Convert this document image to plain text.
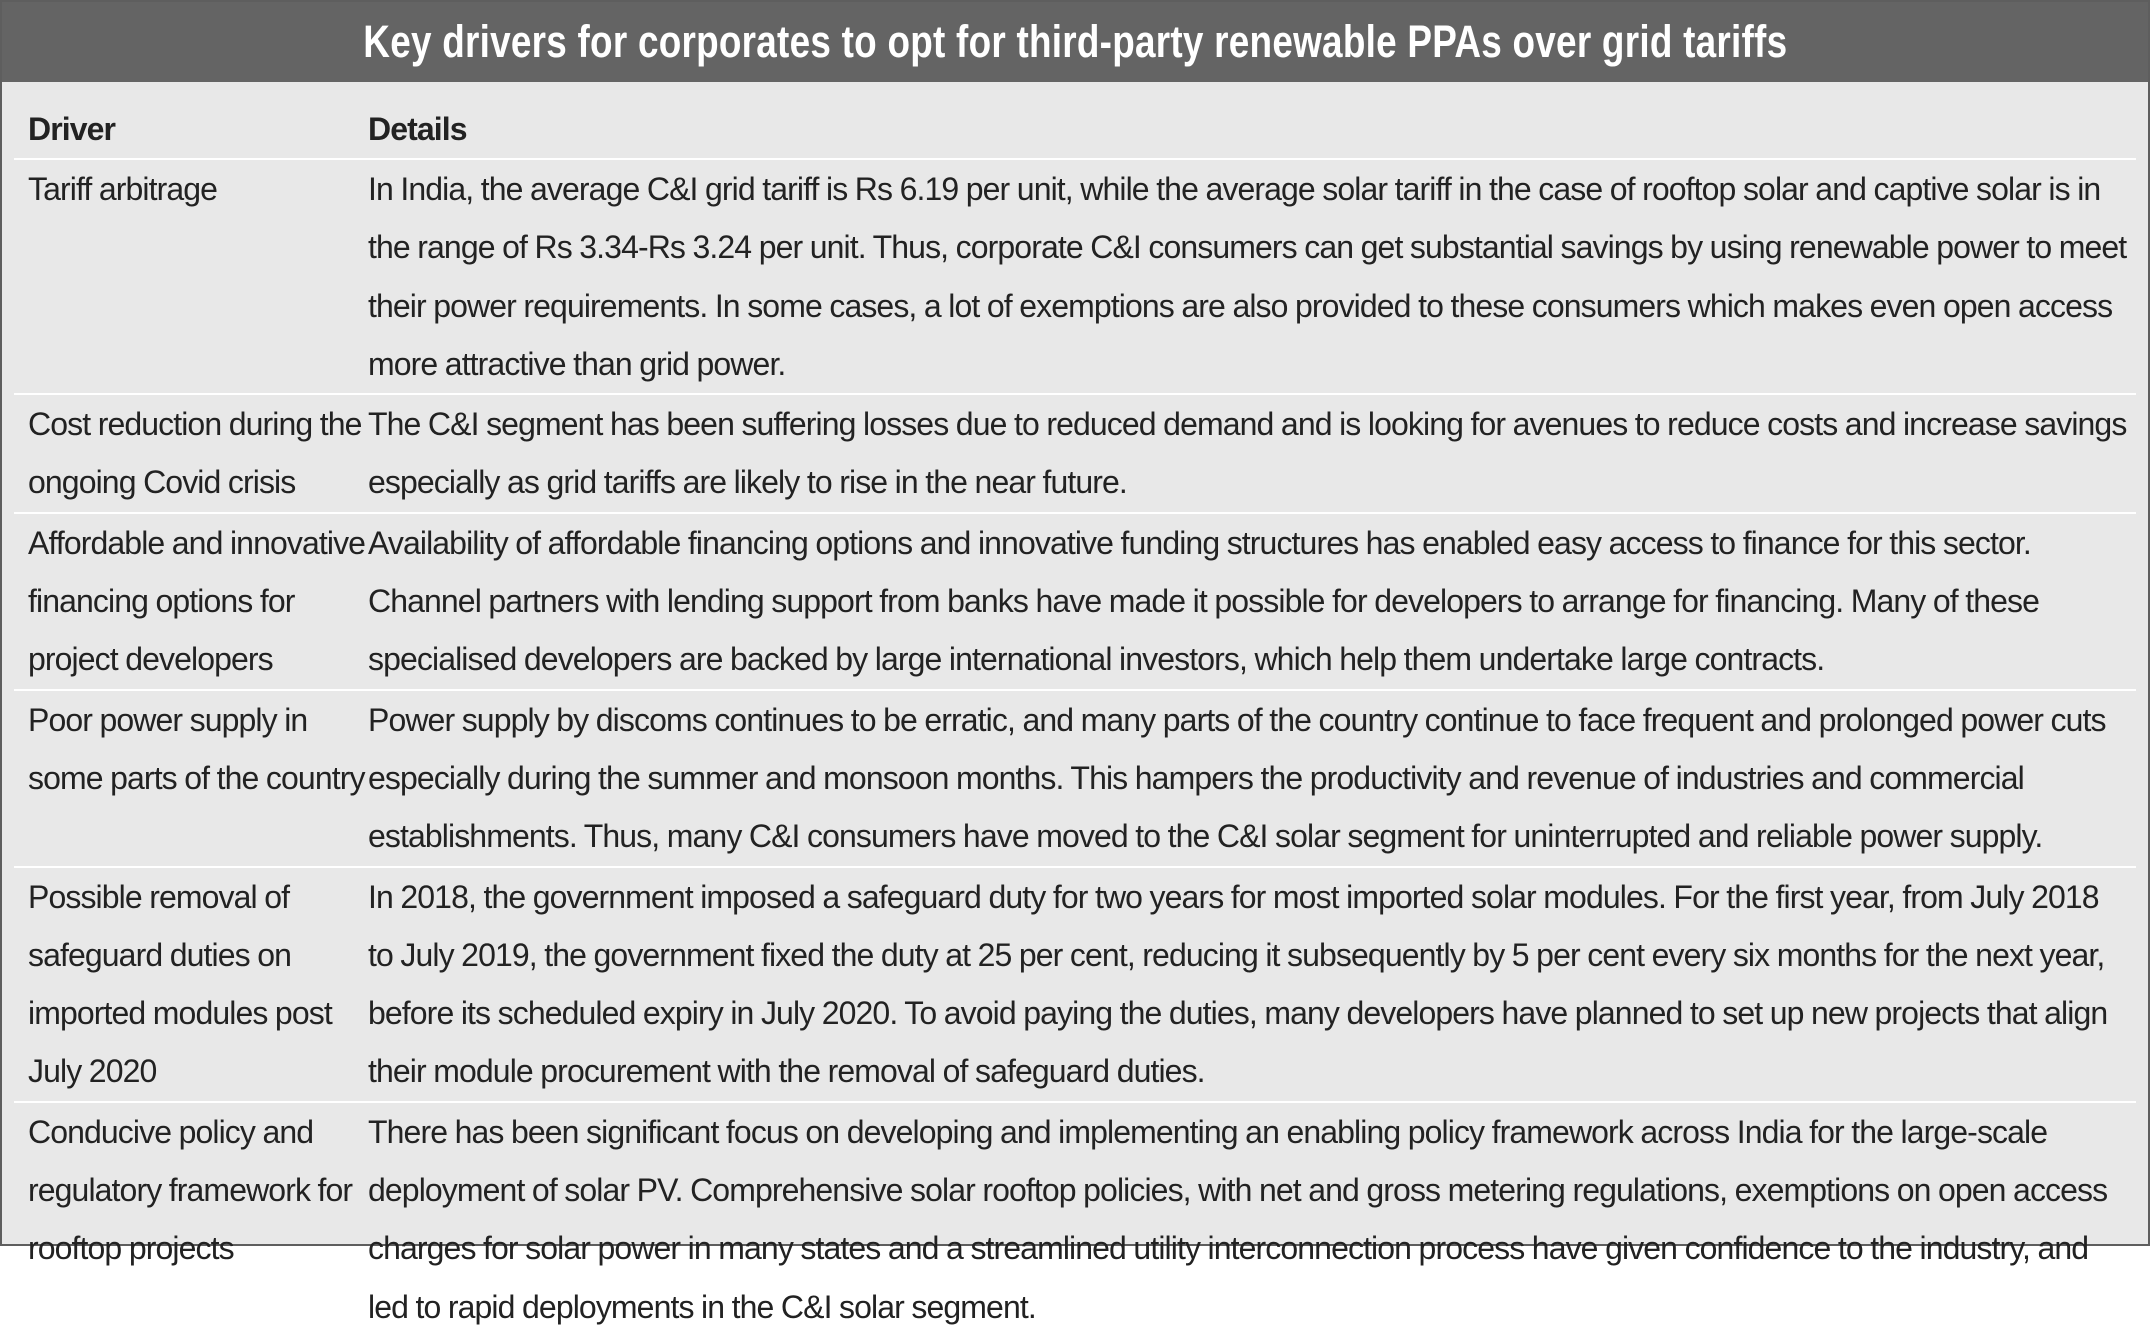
Key drivers for corporates to opt for third-party renewable PPAs over grid tariffs
Driver	Details
Tariff arbitrage	In India, the average C&I grid tariff is Rs 6.19 per unit, while the average solar tariff in the case of rooftop solar and captive solar is in the range of Rs 3.34-Rs 3.24 per unit. Thus, corporate C&I consumers can get substantial savings by using renewable power to meet their power requirements. In some cases, a lot of exemptions are also provided to these consumers which makes even open access more attractive than grid power.
Cost reduction during the ongoing Covid crisis
The C&I segment has been suffering losses due to reduced demand and is looking for avenues to reduce costs and increase savings especially as grid tariffs are likely to rise in the near future.
Affordable and innovative financing options for project developers
Availability of affordable financing options and innovative funding structures has enabled easy access to finance for this sector. Channel partners with lending support from banks have made it possible for developers to arrange for financing. Many of these specialised developers are backed by large international investors, which help them undertake large contracts.
Poor power supply in some parts of the country
Power supply by discoms continues to be erratic, and many parts of the country continue to face frequent and prolonged power cuts especially during the summer and monsoon months. This hampers the productivity and revenue of industries and commercial establishments. Thus, many C&I consumers have moved to the C&I solar segment for uninterrupted and reliable power supply.
Possible removal of safeguard duties on imported modules post July 2020
In 2018, the government imposed a safeguard duty for two years for most imported solar modules. For the first year, from July 2018 to July 2019, the government fixed the duty at 25 per cent, reducing it subsequently by 5 per cent every six months for the next year, before its scheduled expiry in July 2020. To avoid paying the duties, many developers have planned to set up new projects that align their module procurement with the removal of safeguard duties.
Conducive policy and regulatory framework for rooftop projects
There has been significant focus on developing and implementing an enabling policy framework across India for the large-scale deployment of solar PV. Comprehensive solar rooftop policies, with net and gross metering regulations, exemptions on open access charges for solar power in many states and a streamlined utility interconnection process have given confidence to the industry, and led to rapid deployments in the C&I solar segment.
